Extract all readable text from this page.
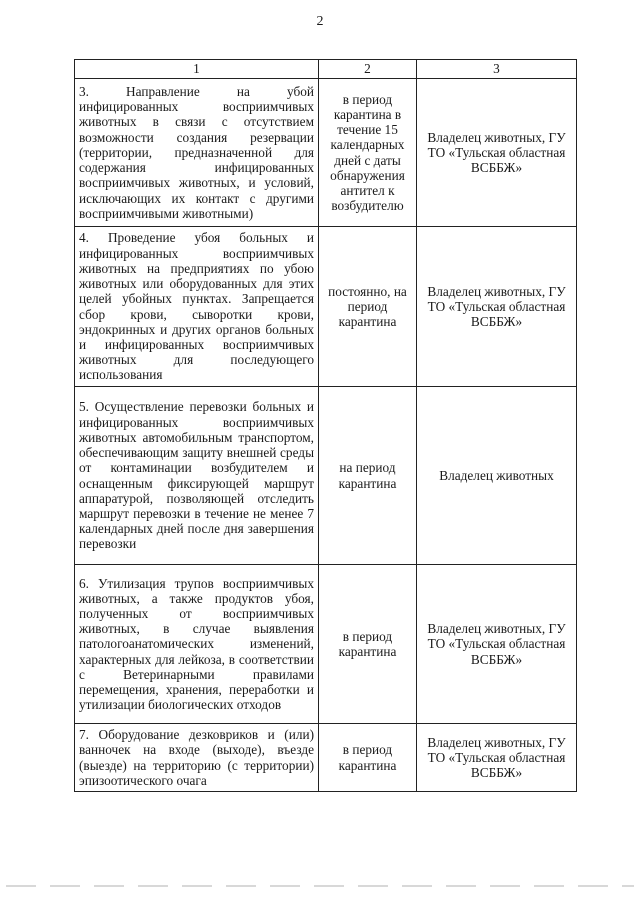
2
1	2	3
3. Направление на убой инфицированных восприимчивых животных в связи с отсутствием возможности создания резервации (территории, предназначенной для содержания инфицированных восприимчивых животных, и условий, исключающих их контакт с другими восприимчивыми животными)	в период карантина в течение 15 календарных дней с даты обнаружения антител к возбудителю	Владелец животных, ГУ ТО «Тульская областная ВСББЖ»
4. Проведение убоя больных и инфицированных восприимчивых животных на предприятиях по убою животных или оборудованных для этих целей убойных пунктах. Запрещается сбор крови, сыворотки крови, эндокринных и других органов больных и инфицированных восприимчивых животных для последующего использования	постоянно, на период карантина	Владелец животных, ГУ ТО «Тульская областная ВСББЖ»
5. Осуществление перевозки больных и инфицированных восприимчивых животных автомобильным транспортом, обеспечивающим защиту внешней среды от контаминации возбудителем и оснащенным фиксирующей маршрут аппаратурой, позволяющей отследить маршрут перевозки в течение не менее 7 календарных дней после дня завершения перевозки	на период карантина	Владелец животных
6. Утилизация трупов восприимчивых животных, а также продуктов убоя, полученных от восприимчивых животных, в случае выявления патологоанатомических изменений, характерных для лейкоза, в соответствии с Ветеринарными правилами перемещения, хранения, переработки и утилизации биологических отходов	в период карантина	Владелец животных, ГУ ТО «Тульская областная ВСББЖ»
7. Оборудование дезковриков и (или) ванночек на входе (выходе), въезде (выезде) на территорию (с территории) эпизоотического очага	в период карантина	Владелец животных, ГУ ТО «Тульская областная ВСББЖ»
